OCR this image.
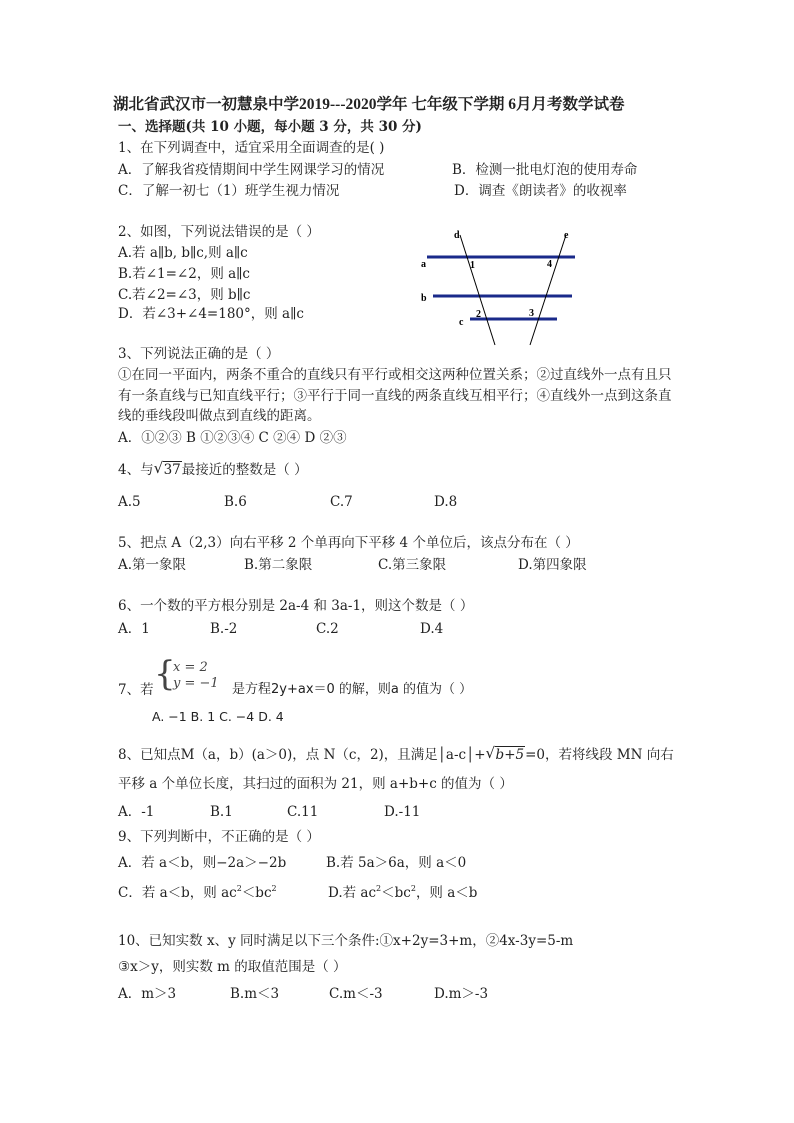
湖北省武汉市一初慧泉中学2019---2020学年 七年级下学期 6月月考数学试卷
一、选择题(共 10 小题，每小题 3 分，共 30 分)
1、在下列调查中，适宜采用全面调查的是( )
A．了解我省疫情期间中学生网课学习的情况	B．检测一批电灯泡的使用寿命
C．了解一初七（1）班学生视力情况	D．调查《朗读者》的收视率
2、如图，下列说法错误的是（ ）
A.若 a∥b, b∥c,则 a∥c
B.若∠1=∠2，则 a∥c
C.若∠2=∠3，则 b∥c
D．若∠3+∠4=180°，则 a∥c
d	e
a
b
c
1	4
2	3
3、下列说法正确的是（ ）
①在同一平面内，两条不重合的直线只有平行或相交这两种位置关系；②过直线外一点有且只
有一条直线与已知直线平行；③平行于同一直线的两条直线互相平行；④直线外一点到这条直
线的垂线段叫做点到直线的距离。
A．①②③ B ①②③④ C ②④ D ②③
4、与 √ 37最接近的整数是（ ）
A.5	B.6	C.7	D.8
5、把点 A（2,3）向右平移 2 个单再向下平移 4 个单位后，该点分布在（ ）
A.第一象限	B.第二象限	C.第三象限	D.第四象限
6、一个数的平方根分别是 2a-4 和 3a-1，则这个数是（ ）
A．1	B.-2	C.2	D.4
7、若 {
x = 2
y = −1 是方程2y+ax＝0 的解，则a 的值为（ ）
A. −1 B. 1 C. −4 D. 4
8、已知点M（a，b）(a＞0)，点 N（c，2)，且满足│a-c│+ √ b+5=0，若将线段 MN 向右
平移 a 个单位长度，其扫过的面积为 21，则 a+b+c 的值为（ ）
A．-1	B.1	C.11	D.-11
9、下列判断中，不正确的是（ ）
A．若 a＜b，则−2a＞−2b	B.若 5a＞6a，则 a＜0
C．若 a＜b，则 $ac^2<bc^2$	D.若 $ac^2<bc^2$，则 a＜b
10、已知实数 x、y 同时满足以下三个条件:①x+2y=3+m，②4x-3y=5-m
③x＞y，则实数 m 的取值范围是（ ）
A．m＞3	B.m＜3	C.m＜-3	D.m＞-3
